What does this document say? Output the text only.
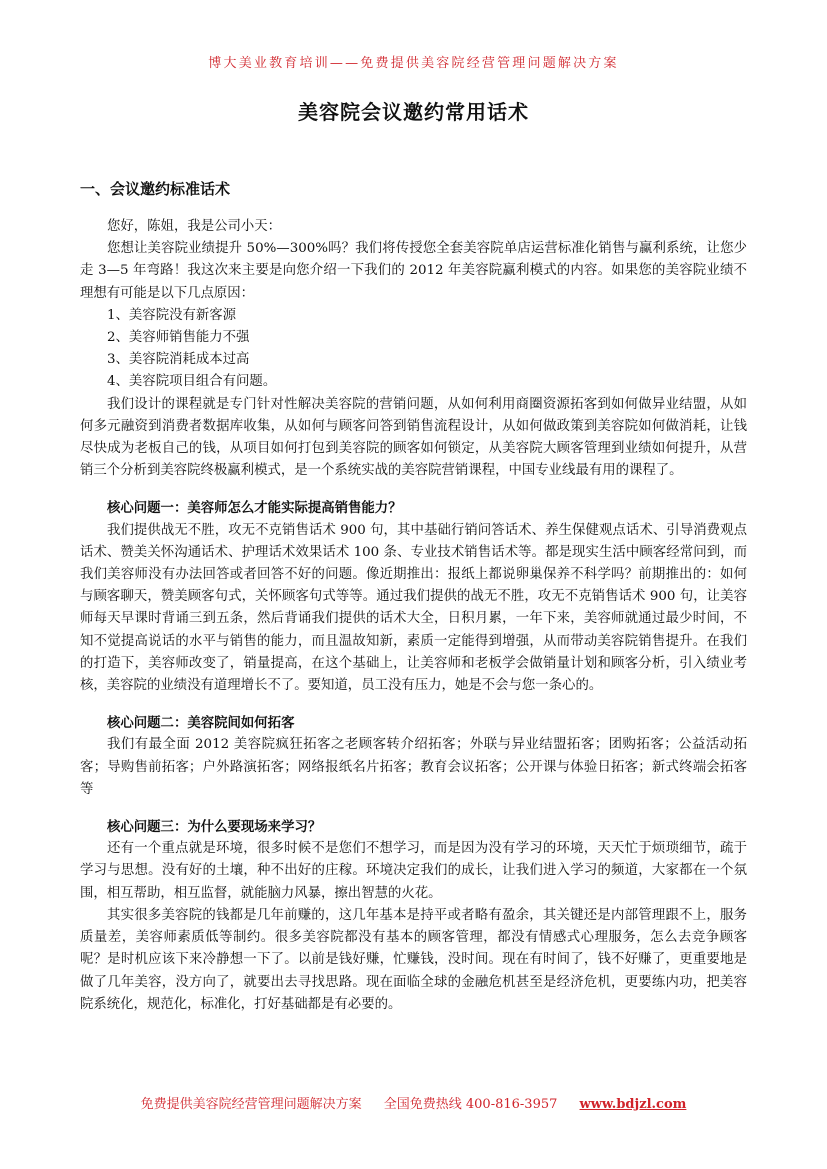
博大美业教育培训——免费提供美容院经营管理问题解决方案
美容院会议邀约常用话术
一、会议邀约标准话术

您好，陈姐，我是公司小天：

您想让美容院业绩提升 50%—300%吗？我们将传授您全套美容院单店运营标准化销售与赢利系统，让您少走 3—5 年弯路！我这次来主要是向您介绍一下我们的 2012 年美容院赢利模式的内容。如果您的美容院业绩不理想有可能是以下几点原因：

1、美容院没有新客源

2、美容师销售能力不强

3、美容院消耗成本过高

4、美容院项目组合有问题。

我们设计的课程就是专门针对性解决美容院的营销问题，从如何利用商圈资源拓客到如何做异业结盟，从如何多元融资到消费者数据库收集，从如何与顾客问答到销售流程设计，从如何做政策到美容院如何做消耗，让钱尽快成为老板自己的钱，从项目如何打包到美容院的顾客如何锁定，从美容院大顾客管理到业绩如何提升，从营销三个分析到美容院终极赢利模式，是一个系统实战的美容院营销课程，中国专业线最有用的课程了。

核心问题一：美容师怎么才能实际提高销售能力？

我们提供战无不胜，攻无不克销售话术 900 句，其中基础行销问答话术、养生保健观点话术、引导消费观点话术、赞美关怀沟通话术、护理话术效果话术 100 条、专业技术销售话术等。都是现实生活中顾客经常问到，而我们美容师没有办法回答或者回答不好的问题。像近期推出：报纸上都说卵巢保养不科学吗？前期推出的：如何与顾客聊天，赞美顾客句式，关怀顾客句式等等。通过我们提供的战无不胜，攻无不克销售话术 900 句，让美容师每天早课时背诵三到五条，然后背诵我们提供的话术大全，日积月累，一年下来，美容师就通过最少时间，不知不觉提高说话的水平与销售的能力，而且温故知新，素质一定能得到增强，从而带动美容院销售提升。在我们的打造下，美容师改变了，销量提高，在这个基础上，让美容师和老板学会做销量计划和顾客分析，引入绩业考核，美容院的业绩没有道理增长不了。要知道，员工没有压力，她是不会与您一条心的。

核心问题二：美容院间如何拓客

我们有最全面 2012 美容院疯狂拓客之老顾客转介绍拓客；外联与异业结盟拓客；团购拓客；公益活动拓客；导购售前拓客；户外路演拓客；网络报纸名片拓客；教育会议拓客；公开课与体验日拓客；新式终端会拓客等

核心问题三：为什么要现场来学习？

还有一个重点就是环境，很多时候不是您们不想学习，而是因为没有学习的环境，天天忙于烦琐细节，疏于学习与思想。没有好的土壤，种不出好的庄稼。环境决定我们的成长，让我们进入学习的频道，大家都在一个氛围，相互帮助，相互监督，就能脑力风暴，擦出智慧的火花。

其实很多美容院的钱都是几年前赚的，这几年基本是持平或者略有盈余，其关键还是内部管理跟不上，服务质量差，美容师素质低等制约。很多美容院都没有基本的顾客管理，都没有情感式心理服务，怎么去竞争顾客呢？是时机应该下来冷静想一下了。以前是钱好赚，忙赚钱，没时间。现在有时间了，钱不好赚了，更重要地是做了几年美容，没方向了，就要出去寻找思路。现在面临全球的金融危机甚至是经济危机，更要练内功，把美容院系统化，规范化，标准化，打好基础都是有必要的。

免费提供美容院经营管理问题解决方案 全国免费热线 400-816-3957 www.bdjzl.com
